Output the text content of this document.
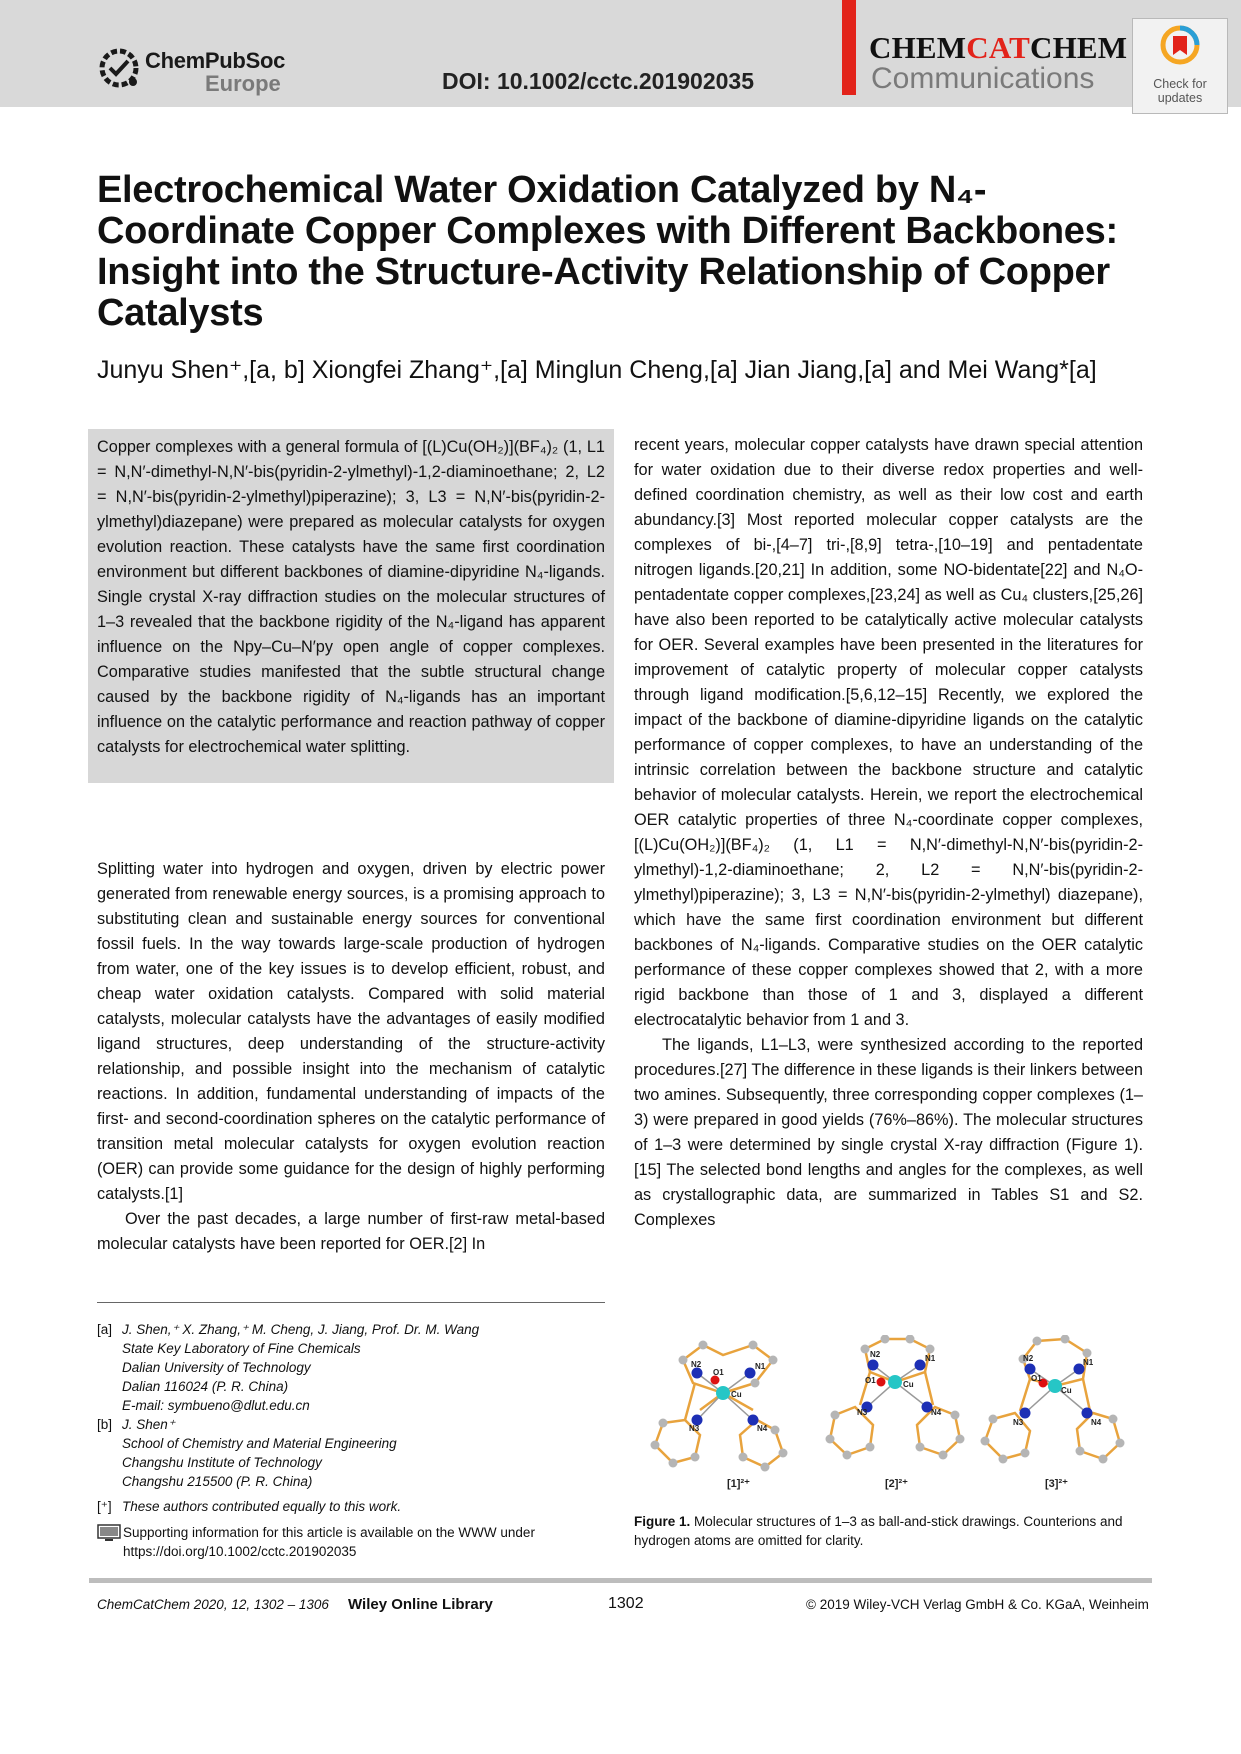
ChemPubSoc
Europe	DOI: 10.1002/cctc.201902035
CHEMCATCHEM
Communications	Check for
updates
Electrochemical Water Oxidation Catalyzed by N₄-Coordinate Copper Complexes with Different Backbones: Insight into the Structure-Activity Relationship of Copper Catalysts
Junyu Shen⁺,[a, b] Xiongfei Zhang⁺,[a] Minglun Cheng,[a] Jian Jiang,[a] and Mei Wang*[a]
Copper complexes with a general formula of [(L)Cu(OH₂)](BF₄)₂ (1, L1 = N,N′-dimethyl-N,N′-bis(pyridin-2-ylmethyl)-1,2-diaminoethane; 2, L2 = N,N′-bis(pyridin-2-ylmethyl)piperazine); 3, L3 = N,N′-bis(pyridin-2-ylmethyl)diazepane) were prepared as molecular catalysts for oxygen evolution reaction. These catalysts have the same first coordination environment but different backbones of diamine-dipyridine N₄-ligands. Single crystal X-ray diffraction studies on the molecular structures of 1–3 revealed that the backbone rigidity of the N₄-ligand has apparent influence on the Npy–Cu–N′py open angle of copper complexes. Comparative studies manifested that the subtle structural change caused by the backbone rigidity of N₄-ligands has an important influence on the catalytic performance and reaction pathway of copper catalysts for electrochemical water splitting.

Splitting water into hydrogen and oxygen, driven by electric power generated from renewable energy sources, is a promising approach to substituting clean and sustainable energy sources for conventional fossil fuels. In the way towards large-scale production of hydrogen from water, one of the key issues is to develop efficient, robust, and cheap water oxidation catalysts. Compared with solid material catalysts, molecular catalysts have the advantages of easily modified ligand structures, deep understanding of the structure-activity relationship, and possible insight into the mechanism of catalytic reactions. In addition, fundamental understanding of impacts of the first- and second-coordination spheres on the catalytic performance of transition metal molecular catalysts for oxygen evolution reaction (OER) can provide some guidance for the design of highly performing catalysts.[1]

Over the past decades, a large number of first-raw metal-based molecular catalysts have been reported for OER.[2] In

recent years, molecular copper catalysts have drawn special attention for water oxidation due to their diverse redox properties and well-defined coordination chemistry, as well as their low cost and earth abundancy.[3] Most reported molecular copper catalysts are the complexes of bi-,[4–7] tri-,[8,9] tetra-,[10–19] and pentadentate nitrogen ligands.[20,21] In addition, some NO-bidentate[22] and N₄O-pentadentate copper complexes,[23,24] as well as Cu₄ clusters,[25,26] have also been reported to be catalytically active molecular catalysts for OER. Several examples have been presented in the literatures for improvement of catalytic property of molecular copper catalysts through ligand modification.[5,6,12–15] Recently, we explored the impact of the backbone of diamine-dipyridine ligands on the catalytic performance of copper complexes, to have an understanding of the intrinsic correlation between the backbone structure and catalytic behavior of molecular catalysts. Herein, we report the electrochemical OER catalytic properties of three N₄-coordinate copper complexes, [(L)Cu(OH₂)](BF₄)₂ (1, L1 = N,N′-dimethyl-N,N′-bis(pyridin-2-ylmethyl)-1,2-diaminoethane; 2, L2 = N,N′-bis(pyridin-2-ylmethyl)piperazine); 3, L3 = N,N′-bis(pyridin-2-ylmethyl) diazepane), which have the same first coordination environment but different backbones of N₄-ligands. Comparative studies on the OER catalytic performance of these copper complexes showed that 2, with a more rigid backbone than those of 1 and 3, displayed a different electrocatalytic behavior from 1 and 3.

The ligands, L1–L3, were synthesized according to the reported procedures.[27] The difference in these ligands is their linkers between two amines. Subsequently, three corresponding copper complexes (1–3) were prepared in good yields (76%–86%). The molecular structures of 1–3 were determined by single crystal X-ray diffraction (Figure 1).[15] The selected bond lengths and angles for the complexes, as well as crystallographic data, are summarized in Tables S1 and S2. Complexes

[a] J. Shen,⁺ X. Zhang,⁺ M. Cheng, J. Jiang, Prof. Dr. M. Wang
State Key Laboratory of Fine Chemicals
Dalian University of Technology
Dalian 116024 (P. R. China)
E-mail: symbueno@dlut.edu.cn
[b] J. Shen⁺
School of Chemistry and Material Engineering
Changshu Institute of Technology
Changshu 215500 (P. R. China)
[⁺] These authors contributed equally to this work.
Supporting information for this article is available on the WWW under https://doi.org/10.1002/cctc.201902035
N2
O1
N1
Cu
N3	N4
N2
O1
N1
Cu
N3	N4
N2
O1
N1
Cu
N3	N4
[1]²⁺	[2]²⁺	[3]²⁺
Figure 1. Molecular structures of 1–3 as ball-and-stick drawings. Counterions and hydrogen atoms are omitted for clarity.
ChemCatChem 2020, 12, 1302 – 1306 Wiley Online Library	1302	© 2019 Wiley-VCH Verlag GmbH & Co. KGaA, Weinheim
